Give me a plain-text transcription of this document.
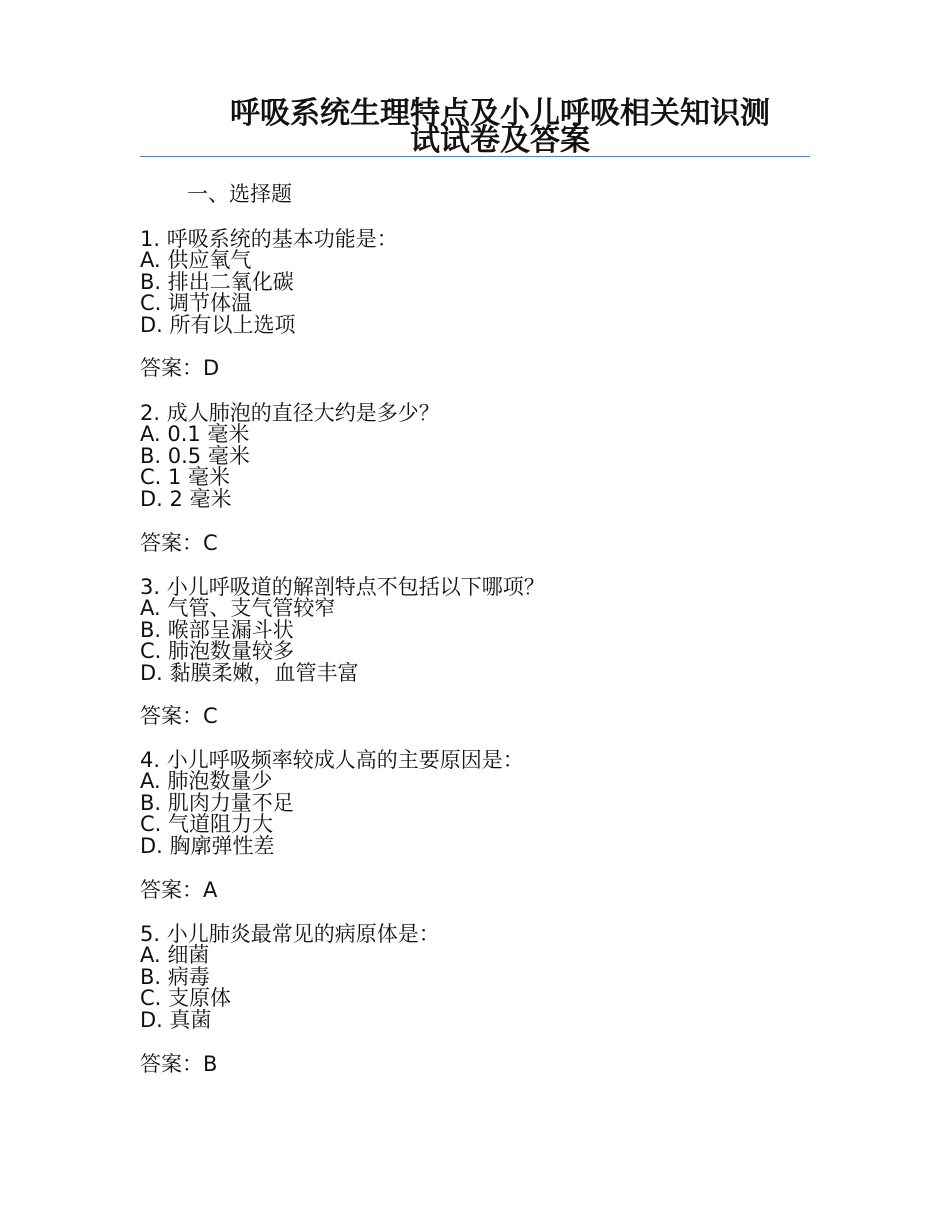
呼吸系统生理特点及小儿呼吸相关知识测
试试卷及答案

一、选择题

1. 呼吸系统的基本功能是：

A. 供应氧气

B. 排出二氧化碳

C. 调节体温

D. 所有以上选项

答案：D

2. 成人肺泡的直径大约是多少？

A. 0.1 毫米

B. 0.5 毫米

C. 1 毫米

D. 2 毫米

答案：C

3. 小儿呼吸道的解剖特点不包括以下哪项？

A. 气管、支气管较窄

B. 喉部呈漏斗状

C. 肺泡数量较多

D. 黏膜柔嫩，血管丰富

答案：C

4. 小儿呼吸频率较成人高的主要原因是：

A. 肺泡数量少

B. 肌肉力量不足

C. 气道阻力大

D. 胸廓弹性差

答案：A

5. 小儿肺炎最常见的病原体是：

A. 细菌

B. 病毒

C. 支原体

D. 真菌

答案：B
